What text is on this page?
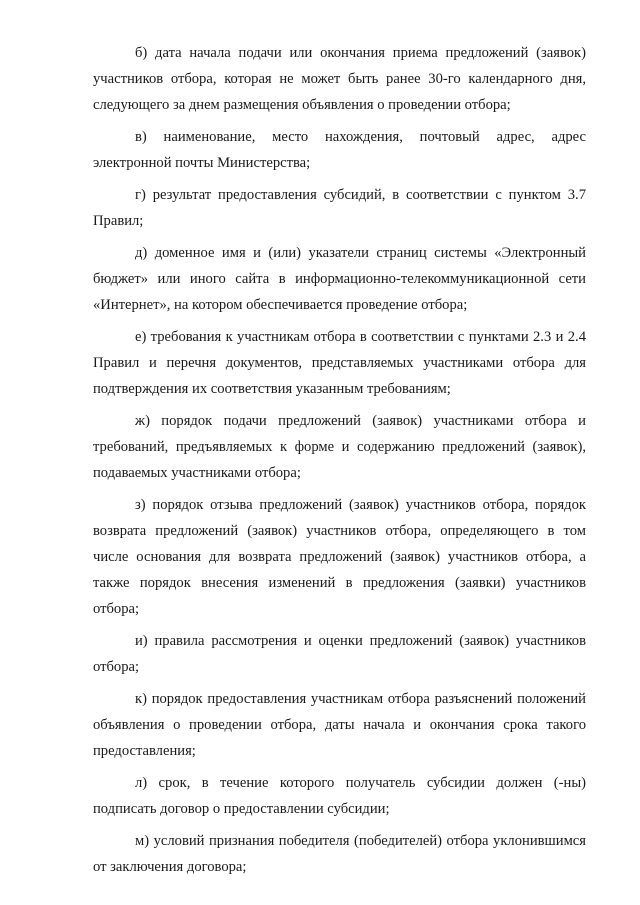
б) дата начала подачи или окончания приема предложений (заявок) участников отбора, которая не может быть ранее 30-го календарного дня, следующего за днем размещения объявления о проведении отбора;

в) наименование, место нахождения, почтовый адрес, адрес электронной почты Министерства;

г) результат предоставления субсидий, в соответствии с пунктом 3.7 Правил;

д) доменное имя и (или) указатели страниц системы «Электронный бюджет» или иного сайта в информационно-телекоммуникационной сети «Интернет», на котором обеспечивается проведение отбора;

е) требования к участникам отбора в соответствии с пунктами 2.3 и 2.4 Правил и перечня документов, представляемых участниками отбора для подтверждения их соответствия указанным требованиям;

ж) порядок подачи предложений (заявок) участниками отбора и требований, предъявляемых к форме и содержанию предложений (заявок), подаваемых участниками отбора;

з) порядок отзыва предложений (заявок) участников отбора, порядок возврата предложений (заявок) участников отбора, определяющего в том числе основания для возврата предложений (заявок) участников отбора, а также порядок внесения изменений в предложения (заявки) участников отбора;

и) правила рассмотрения и оценки предложений (заявок) участников отбора;

к) порядок предоставления участникам отбора разъяснений положений объявления о проведении отбора, даты начала и окончания срока такого предоставления;

л) срок, в течение которого получатель субсидии должен (-ны) подписать договор о предоставлении субсидии;

м) условий признания победителя (победителей) отбора уклонившимся от заключения договора;
